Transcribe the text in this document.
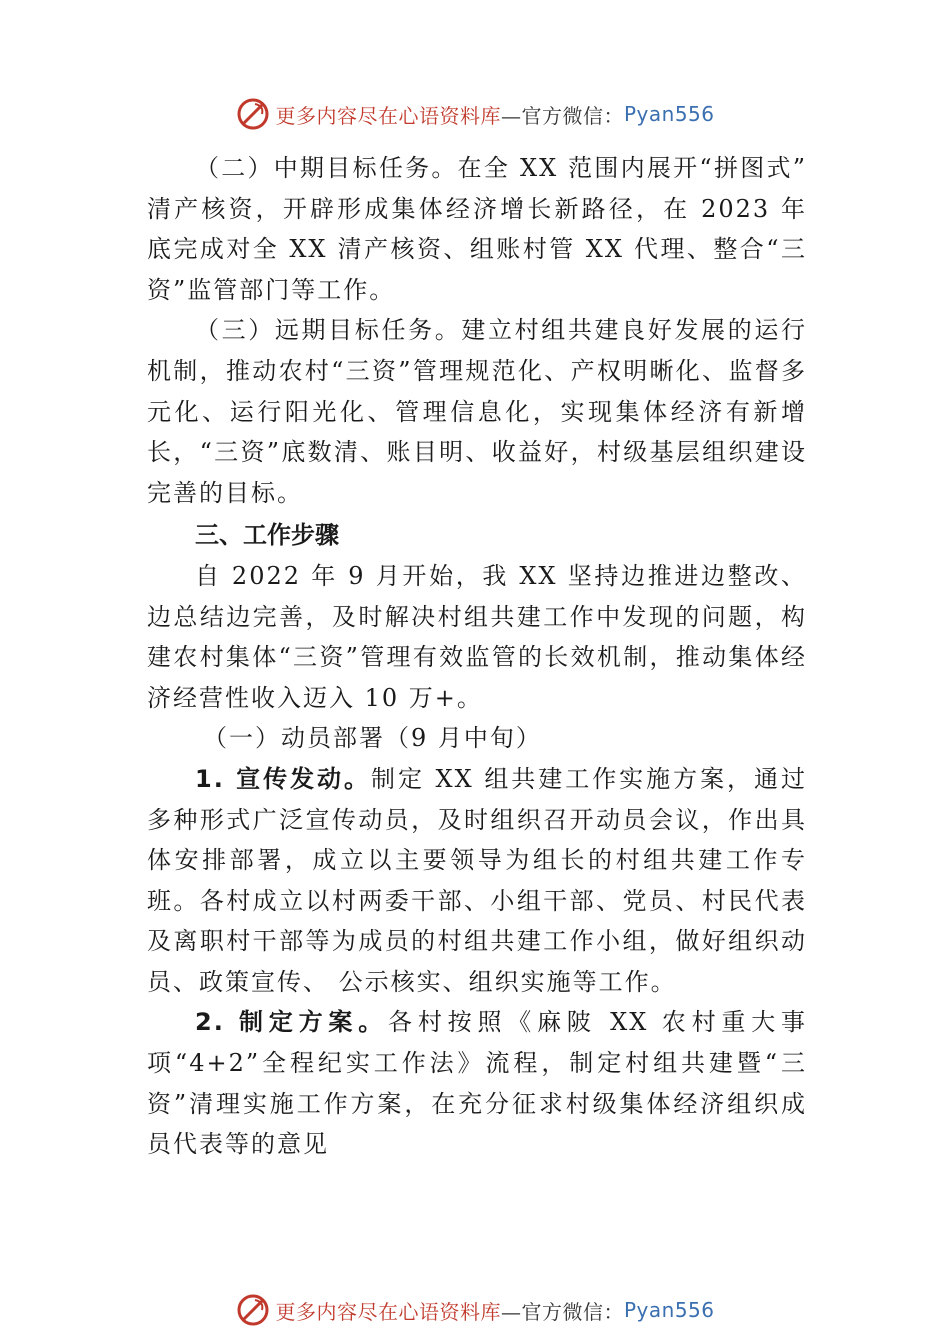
更多内容尽在心语资料库 —官方微信： Pyan556

（二）中期目标任务。在全 XX 范围内展开“拼图式” 清产核资，开辟形成集体经济增长新路径，在 2023 年底完成对全 XX 清产核资、组账村管 XX 代理、整合“三资”监管部门等工作。

（三）远期目标任务。建立村组共建良好发展的运行机制，推动农村“三资”管理规范化、产权明晰化、监督多元化、运行阳光化、管理信息化，实现集体经济有新增长，“三资”底数清、账目明、收益好，村级基层组织建设完善的目标。

三、工作步骤

自 2022 年 9 月开始，我 XX 坚持边推进边整改、边总结边完善，及时解决村组共建工作中发现的问题，构建农村集体“三资”管理有效监管的长效机制，推动集体经济经营性收入迈入 10 万+。

（一）动员部署（9 月中旬）

1. 宣传发动。制定 XX 组共建工作实施方案，通过多种形式广泛宣传动员，及时组织召开动员会议，作出具体安排部署，成立以主要领导为组长的村组共建工作专班。各村成立以村两委干部、小组干部、党员、村民代表及离职村干部等为成员的村组共建工作小组，做好组织动员、政策宣传、 公示核实、组织实施等工作。

2. 制定方案。各村按照《麻陂 XX 农村重大事项“4+2”全程纪实工作法》流程，制定村组共建暨“三资”清理实施工作方案，在充分征求村级集体经济组织成员代表等的意见

更多内容尽在心语资料库 —官方微信： Pyan556
